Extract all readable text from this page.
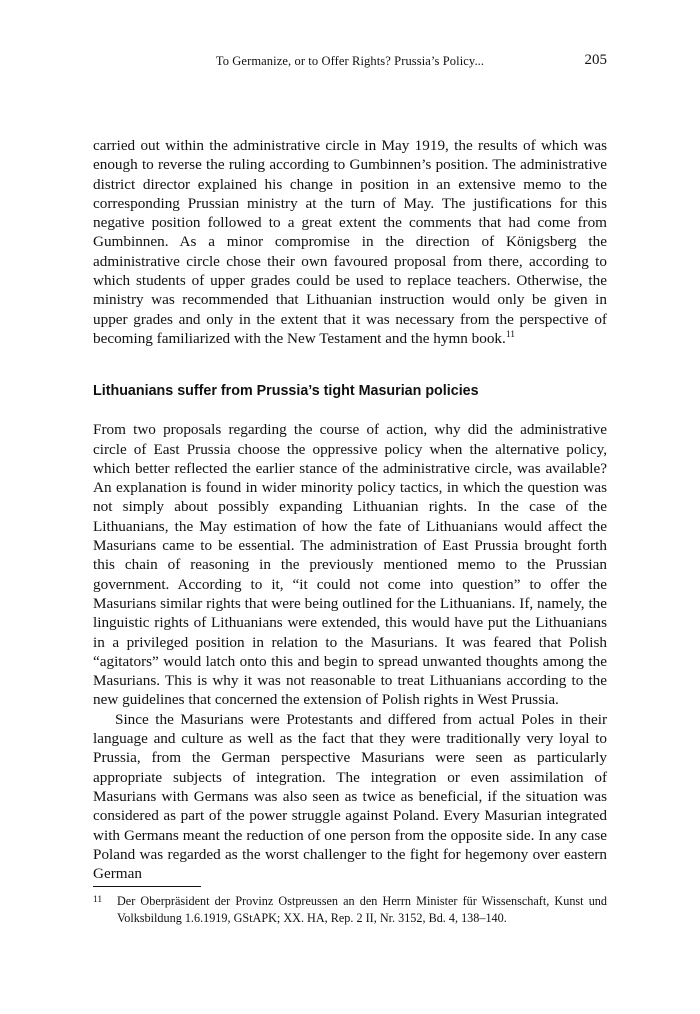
To Germanize, or to Offer Rights? Prussia’s Policy...	205

carried out within the administrative circle in May 1919, the results of which was enough to reverse the ruling according to Gumbinnen’s position. The administrative district director explained his change in position in an extensive memo to the corresponding Prussian ministry at the turn of May. The justifications for this negative position followed to a great extent the comments that had come from Gumbinnen. As a minor compromise in the direction of Königsberg the administrative circle chose their own favoured proposal from there, according to which students of upper grades could be used to replace teachers. Otherwise, the ministry was recommended that Lithuanian instruction would only be given in upper grades and only in the extent that it was necessary from the perspective of becoming familiarized with the New Testament and the hymn book.$^{11}$

Lithuanians suffer from Prussia’s tight Masurian policies

From two proposals regarding the course of action, why did the administrative circle of East Prussia choose the oppressive policy when the alternative policy, which better reflected the earlier stance of the administrative circle, was available? An explanation is found in wider minority policy tactics, in which the question was not simply about possibly expanding Lithuanian rights. In the case of the Lithuanians, the May estimation of how the fate of Lithuanians would affect the Masurians came to be essential. The administration of East Prussia brought forth this chain of reasoning in the previously mentioned memo to the Prussian government. According to it, “it could not come into question” to offer the Masurians similar rights that were being outlined for the Lithuanians. If, namely, the linguistic rights of Lithuanians were extended, this would have put the Lithuanians in a privileged position in relation to the Masurians. It was feared that Polish “agitators” would latch onto this and begin to spread unwanted thoughts among the Masurians. This is why it was not reasonable to treat Lithuanians according to the new guidelines that concerned the extension of Polish rights in West Prussia.

Since the Masurians were Protestants and differed from actual Poles in their language and culture as well as the fact that they were traditionally very loyal to Prussia, from the German perspective Masurians were seen as particularly appropriate subjects of integration. The integration or even assimilation of Masurians with Germans was also seen as twice as beneficial, if the situation was considered as part of the power struggle against Poland. Every Masurian integrated with Germans meant the reduction of one person from the opposite side. In any case Poland was regarded as the worst challenger to the fight for hegemony over eastern German

11 Der Oberpräsident der Provinz Ostpreussen an den Herrn Minister für Wissenschaft, Kunst und Volksbildung 1.6.1919, GStAPK; XX. HA, Rep. 2 II, Nr. 3152, Bd. 4, 138–140.
